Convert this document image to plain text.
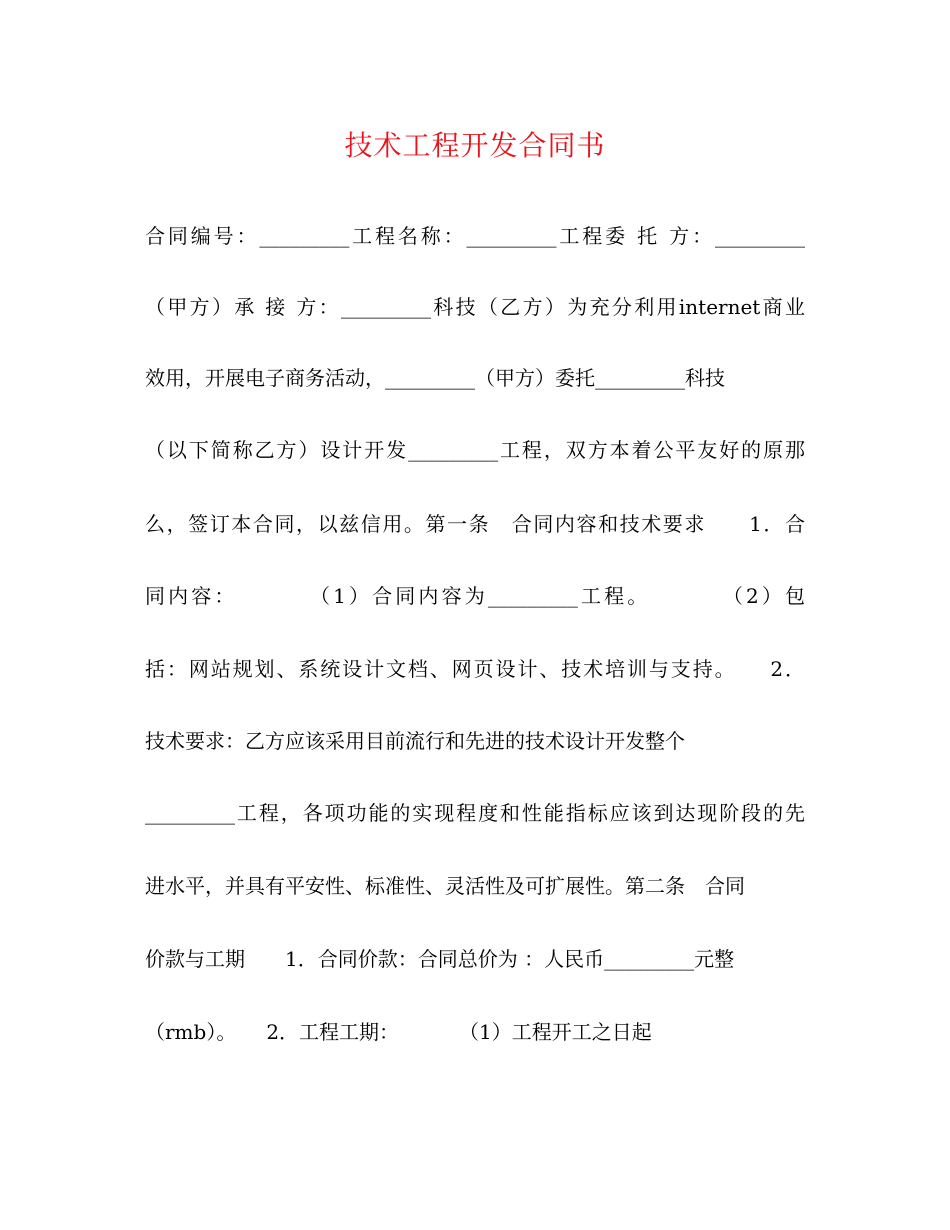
技术工程开发合同书
合同编号：_________工程名称：_________工程委 托 方：_________
（甲方）承 接 方：_________科技（乙方）为充分利用internet商业
效用，开展电子商务活动，_________（甲方）委托_________科技
（以下简称乙方）设计开发_________工程，双方本着公平友好的原那
么，签订本合同，以兹信用。第一条　合同内容和技术要求　　1．合
同内容：　　　　（1）合同内容为_________工程。　　　　（2）包
括：网站规划、系统设计文档、网页设计、技术培训与支持。　　2．
技术要求：乙方应该采用目前流行和先进的技术设计开发整个
_________工程，各项功能的实现程度和性能指标应该到达现阶段的先
进水平，并具有平安性、标准性、灵活性及可扩展性。第二条　合同
价款与工期　　1．合同价款：合同总价为 ：人民币_________元整
（rmb）。　　2．工程工期：　　　　（1）工程开工之日起
